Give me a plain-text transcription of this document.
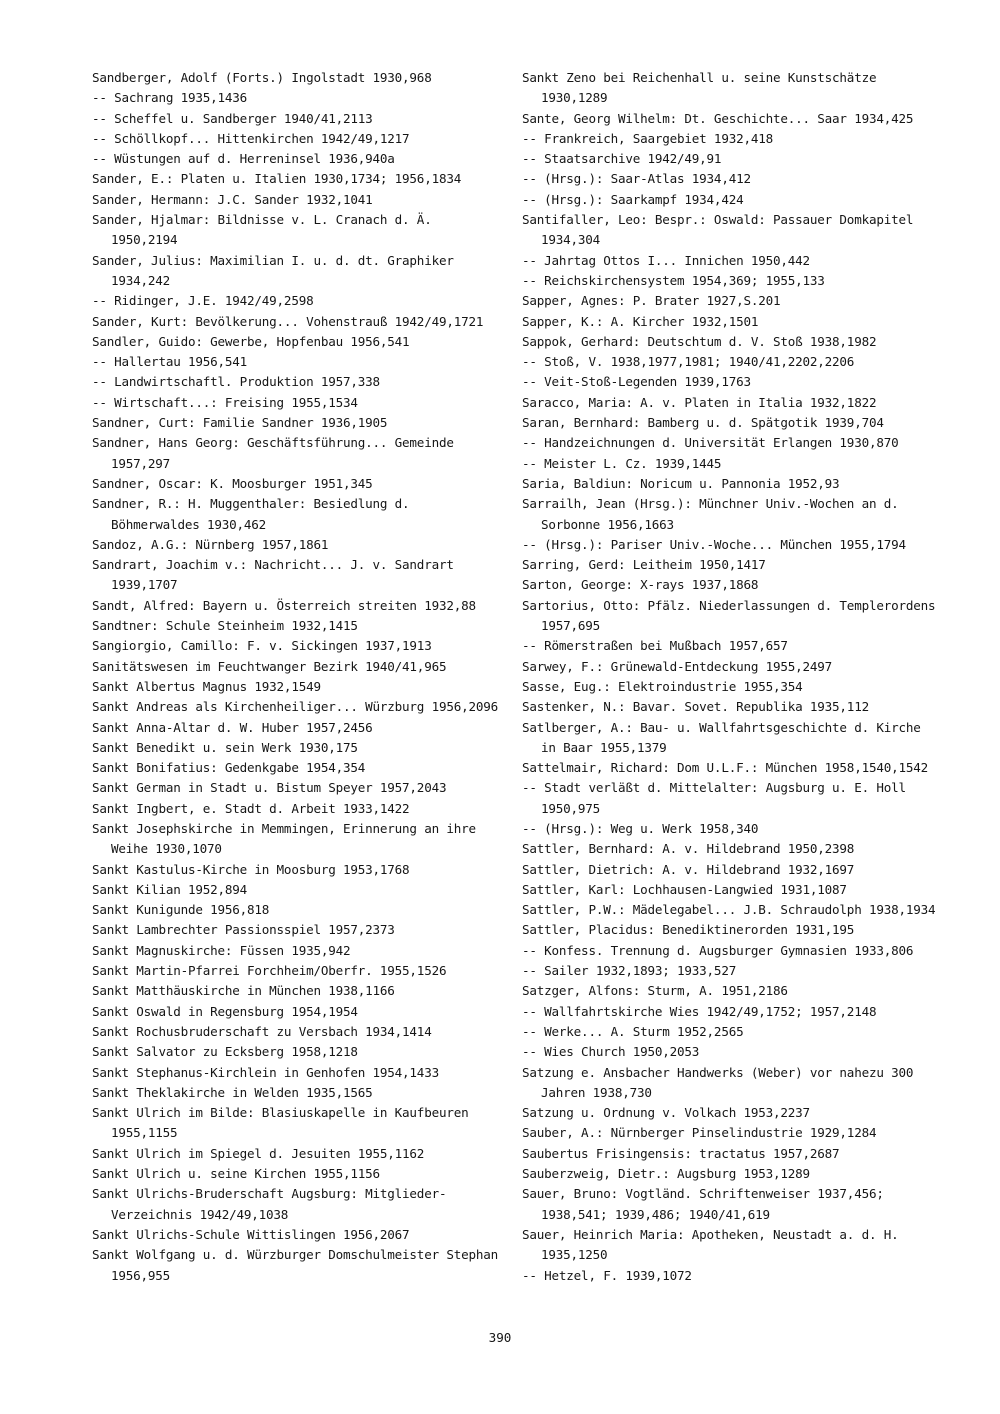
Sandberger, Adolf (Forts.) Ingolstadt 1930,968
-- Sachrang 1935,1436
-- Scheffel u. Sandberger 1940/41,2113
-- Schöllkopf... Hittenkirchen 1942/49,1217
-- Wüstungen auf d. Herreninsel 1936,940a
Sander, E.: Platen u. Italien 1930,1734; 1956,1834
Sander, Hermann: J.C. Sander 1932,1041
Sander, Hjalmar: Bildnisse v. L. Cranach d. Ä. 1950,2194
Sander, Julius: Maximilian I. u. d. dt. Graphiker 1934,242
-- Ridinger, J.E. 1942/49,2598
Sander, Kurt: Bevölkerung... Vohenstrauß 1942/49,1721
Sandler, Guido: Gewerbe, Hopfenbau 1956,541
-- Hallertau 1956,541
-- Landwirtschaftl. Produktion 1957,338
-- Wirtschaft...: Freising 1955,1534
Sandner, Curt: Familie Sandner 1936,1905
Sandner, Hans Georg: Geschäftsführung... Gemeinde 1957,297
Sandner, Oscar: K. Moosburger 1951,345
Sandner, R.: H. Muggenthaler: Besiedlung d. Böhmerwaldes 1930,462
Sandoz, A.G.: Nürnberg 1957,1861
Sandrart, Joachim v.: Nachricht... J. v. Sandrart 1939,1707
Sandt, Alfred: Bayern u. Österreich streiten 1932,88
Sandtner: Schule Steinheim 1932,1415
Sangiorgio, Camillo: F. v. Sickingen 1937,1913
Sanitätswesen im Feuchtwanger Bezirk 1940/41,965
Sankt Albertus Magnus 1932,1549
Sankt Andreas als Kirchenheiliger... Würzburg 1956,2096
Sankt Anna-Altar d. W. Huber 1957,2456
Sankt Benedikt u. sein Werk 1930,175
Sankt Bonifatius: Gedenkgabe 1954,354
Sankt German in Stadt u. Bistum Speyer 1957,2043
Sankt Ingbert, e. Stadt d. Arbeit 1933,1422
Sankt Josephskirche in Memmingen, Erinnerung an ihre Weihe 1930,1070
Sankt Kastulus-Kirche in Moosburg 1953,1768
Sankt Kilian 1952,894
Sankt Kunigunde 1956,818
Sankt Lambrechter Passionsspiel 1957,2373
Sankt Magnuskirche: Füssen 1935,942
Sankt Martin-Pfarrei Forchheim/Oberfr. 1955,1526
Sankt Matthäuskirche in München 1938,1166
Sankt Oswald in Regensburg 1954,1954
Sankt Rochusbruderschaft zu Versbach 1934,1414
Sankt Salvator zu Ecksberg 1958,1218
Sankt Stephanus-Kirchlein in Genhofen 1954,1433
Sankt Theklakirche in Welden 1935,1565
Sankt Ulrich im Bilde: Blasiuskapelle in Kaufbeuren 1955,1155
Sankt Ulrich im Spiegel d. Jesuiten 1955,1162
Sankt Ulrich u. seine Kirchen 1955,1156
Sankt Ulrichs-Bruderschaft Augsburg: Mitglieder-Verzeichnis 1942/49,1038
Sankt Ulrichs-Schule Wittislingen 1956,2067
Sankt Wolfgang u. d. Würzburger Domschulmeister Stephan 1956,955
Sankt Zeno bei Reichenhall u. seine Kunstschätze 1930,1289
Sante, Georg Wilhelm: Dt. Geschichte... Saar 1934,425
-- Frankreich, Saargebiet 1932,418
-- Staatsarchive 1942/49,91
-- (Hrsg.): Saar-Atlas 1934,412
-- (Hrsg.): Saarkampf 1934,424
Santifaller, Leo: Bespr.: Oswald: Passauer Domkapitel 1934,304
-- Jahrtag Ottos I... Innichen 1950,442
-- Reichskirchensystem 1954,369; 1955,133
Sapper, Agnes: P. Brater 1927,S.201
Sapper, K.: A. Kircher 1932,1501
Sappok, Gerhard: Deutschtum d. V. Stoß 1938,1982
-- Stoß, V. 1938,1977,1981; 1940/41,2202,2206
-- Veit-Stoß-Legenden 1939,1763
Saracco, Maria: A. v. Platen in Italia 1932,1822
Saran, Bernhard: Bamberg u. d. Spätgotik 1939,704
-- Handzeichnungen d. Universität Erlangen 1930,870
-- Meister L. Cz. 1939,1445
Saria, Baldiun: Noricum u. Pannonia 1952,93
Sarrailh, Jean (Hrsg.): Münchner Univ.-Wochen an d. Sorbonne 1956,1663
-- (Hrsg.): Pariser Univ.-Woche... München 1955,1794
Sarring, Gerd: Leitheim 1950,1417
Sarton, George: X-rays 1937,1868
Sartorius, Otto: Pfälz. Niederlassungen d. Templerordens 1957,695
-- Römerstraßen bei Mußbach 1957,657
Sarwey, F.: Grünewald-Entdeckung 1955,2497
Sasse, Eug.: Elektroindustrie 1955,354
Sastenker, N.: Bavar. Sovet. Republika 1935,112
Satlberger, A.: Bau- u. Wallfahrtsgeschichte d. Kirche in Baar 1955,1379
Sattelmair, Richard: Dom U.L.F.: München 1958,1540,1542
-- Stadt verläßt d. Mittelalter: Augsburg u. E. Holl 1950,975
-- (Hrsg.): Weg u. Werk 1958,340
Sattler, Bernhard: A. v. Hildebrand 1950,2398
Sattler, Dietrich: A. v. Hildebrand 1932,1697
Sattler, Karl: Lochhausen-Langwied 1931,1087
Sattler, P.W.: Mädelegabel... J.B. Schraudolph 1938,1934
Sattler, Placidus: Benediktinerorden 1931,195
-- Konfess. Trennung d. Augsburger Gymnasien 1933,806
-- Sailer 1932,1893; 1933,527
Satzger, Alfons: Sturm, A. 1951,2186
-- Wallfahrtskirche Wies 1942/49,1752; 1957,2148
-- Werke... A. Sturm 1952,2565
-- Wies Church 1950,2053
Satzung e. Ansbacher Handwerks (Weber) vor nahezu 300 Jahren 1938,730
Satzung u. Ordnung v. Volkach 1953,2237
Sauber, A.: Nürnberger Pinselindustrie 1929,1284
Saubertus Frisingensis: tractatus 1957,2687
Sauberzweig, Dietr.: Augsburg 1953,1289
Sauer, Bruno: Vogtländ. Schriftenweiser 1937,456; 1938,541; 1939,486; 1940/41,619
Sauer, Heinrich Maria: Apotheken, Neustadt a. d. H. 1935,1250
-- Hetzel, F. 1939,1072
390
